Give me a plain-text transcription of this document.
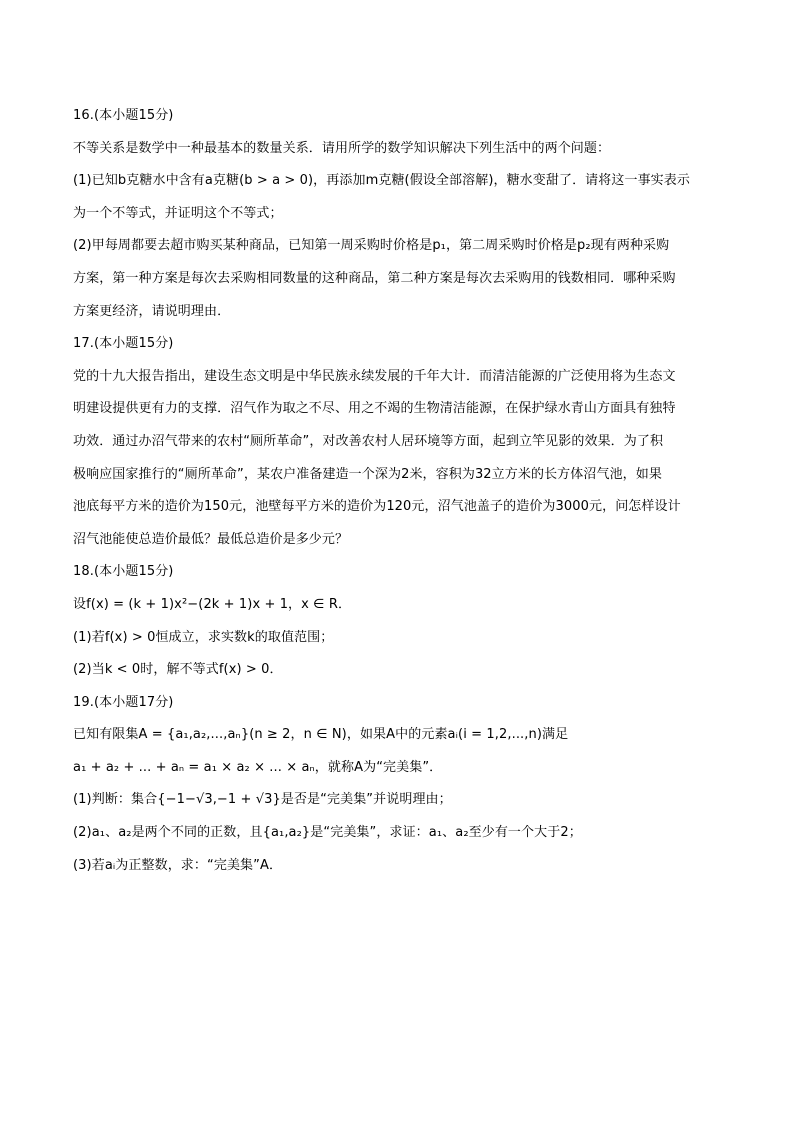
16.(本小题15分)
不等关系是数学中一种最基本的数量关系．请用所学的数学知识解决下列生活中的两个问题：
(1)已知b克糖水中含有a克糖(b > a > 0)，再添加m克糖(假设全部溶解)，糖水变甜了．请将这一事实表示
为一个不等式，并证明这个不等式；
(2)甲每周都要去超市购买某种商品，已知第一周采购时价格是p₁，第二周采购时价格是p₂现有两种采购
方案，第一种方案是每次去采购相同数量的这种商品，第二种方案是每次去采购用的钱数相同．哪种采购
方案更经济，请说明理由．
17.(本小题15分)
党的十九大报告指出，建设生态文明是中华民族永续发展的千年大计．而清洁能源的广泛使用将为生态文
明建设提供更有力的支撑．沼气作为取之不尽、用之不竭的生物清洁能源，在保护绿水青山方面具有独特
功效．通过办沼气带来的农村“厕所革命”，对改善农村人居环境等方面，起到立竿见影的效果．为了积
极响应国家推行的“厕所革命”，某农户准备建造一个深为2米，容积为32立方米的长方体沼气池，如果
池底每平方米的造价为150元，池壁每平方米的造价为120元，沼气池盖子的造价为3000元，问怎样设计
沼气池能使总造价最低？最低总造价是多少元？
18.(本小题15分)
设f(x) = (k + 1)x²−(2k + 1)x + 1，x ∈ R．
(1)若f(x) > 0恒成立，求实数k的取值范围；
(2)当k < 0时，解不等式f(x) > 0．
19.(本小题17分)
已知有限集A = {a₁,a₂,...,aₙ}(n ≥ 2，n ∈ N)，如果A中的元素aᵢ(i = 1,2,...,n)满足
a₁ + a₂ + ... + aₙ = a₁ × a₂ × ... × aₙ，就称A为“完美集”．
(1)判断：集合{−1−√3,−1 + √3}是否是“完美集”并说明理由；
(2)a₁、a₂是两个不同的正数，且{a₁,a₂}是“完美集”，求证：a₁、a₂至少有一个大于2；
(3)若aᵢ为正整数，求：“完美集”A．
